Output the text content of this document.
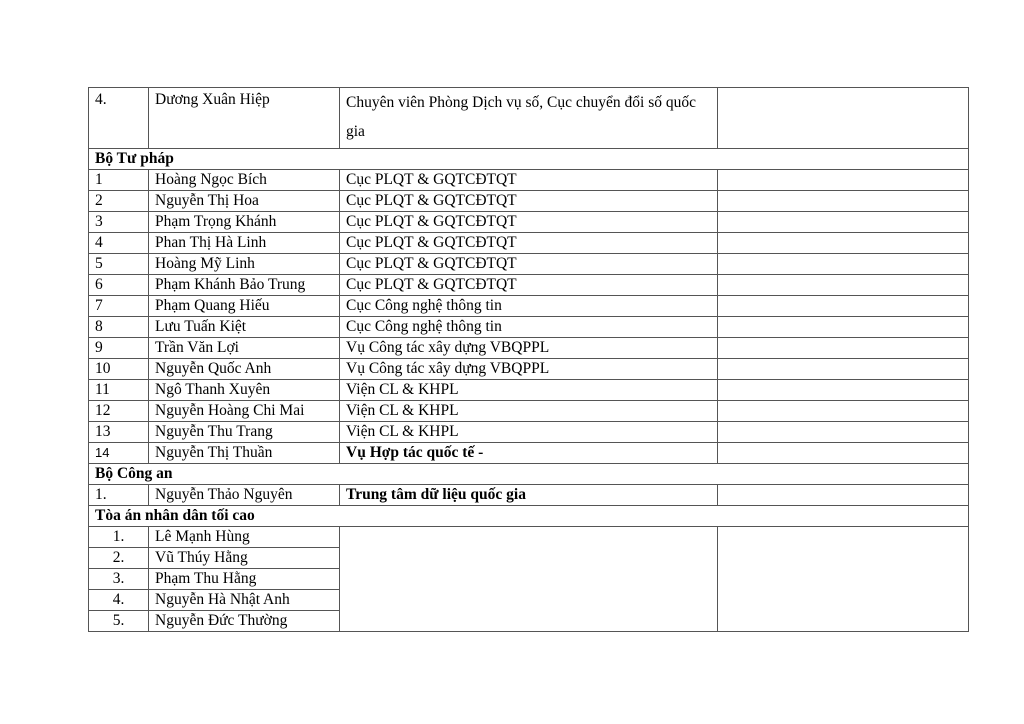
4.	Dương Xuân Hiệp	Chuyên viên Phòng Dịch vụ số, Cục chuyển đổi số quốc gia	
Bộ Tư pháp			
1	Hoàng Ngọc Bích	Cục PLQT & GQTCĐTQT	
2	Nguyễn Thị Hoa	Cục PLQT & GQTCĐTQT	
3	Phạm Trọng Khánh	Cục PLQT & GQTCĐTQT	
4	Phan Thị Hà Linh	Cục PLQT & GQTCĐTQT	
5	Hoàng Mỹ Linh	Cục PLQT & GQTCĐTQT	
6	Phạm Khánh Bảo Trung	Cục PLQT & GQTCĐTQT	
7	Phạm Quang Hiếu	Cục Công nghệ thông tin	
8	Lưu Tuấn Kiệt	Cục Công nghệ thông tin	
9	Trần Văn Lợi	Vụ Công tác xây dựng VBQPPL	
10	Nguyễn Quốc Anh	Vụ Công tác xây dựng VBQPPL	
11	Ngô Thanh Xuyên	Viện CL & KHPL	
12	Nguyễn Hoàng Chi Mai	Viện CL & KHPL	
13	Nguyễn Thu Trang	Viện CL & KHPL	
14	Nguyễn Thị Thuần	Vụ Hợp tác quốc tế -	
Bộ Công an			
1.	Nguyễn Thảo Nguyên	Trung tâm dữ liệu quốc gia	
Tòa án nhân dân tối cao			
1.	Lê Mạnh Hùng		
2.	Vũ Thúy Hằng		
3.	Phạm Thu Hằng		
4.	Nguyễn Hà Nhật Anh		
5.	Nguyễn Đức Thường		
